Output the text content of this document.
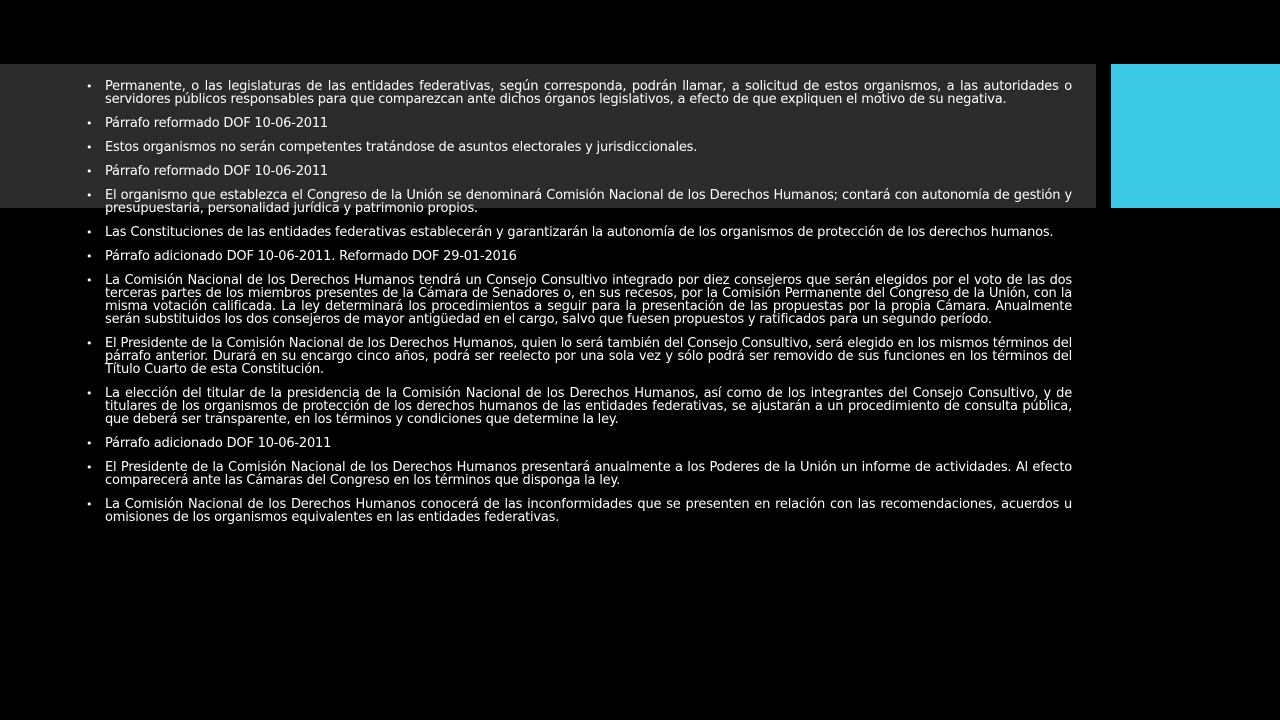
• Permanente, o las legislaturas de las entidades federativas, según corresponda, podrán llamar, a solicitud de estos organismos, a las autoridades o servidores públicos responsables para que comparezcan ante dichos órganos legislativos, a efecto de que expliquen el motivo de su negativa.
• Párrafo reformado DOF 10-06-2011
• Estos organismos no serán competentes tratándose de asuntos electorales y jurisdiccionales.
• Párrafo reformado DOF 10-06-2011
• El organismo que establezca el Congreso de la Unión se denominará Comisión Nacional de los Derechos Humanos; contará con autonomía de gestión y presupuestaria, personalidad jurídica y patrimonio propios.
• Las Constituciones de las entidades federativas establecerán y garantizarán la autonomía de los organismos de protección de los derechos humanos.
• Párrafo adicionado DOF 10-06-2011. Reformado DOF 29-01-2016
• La Comisión Nacional de los Derechos Humanos tendrá un Consejo Consultivo integrado por diez consejeros que serán elegidos por el voto de las dos terceras partes de los miembros presentes de la Cámara de Senadores o, en sus recesos, por la Comisión Permanente del Congreso de la Unión, con la misma votación calificada. La ley determinará los procedimientos a seguir para la presentación de las propuestas por la propia Cámara. Anualmente serán substituidos los dos consejeros de mayor antigüedad en el cargo, salvo que fuesen propuestos y ratificados para un segundo período.
• El Presidente de la Comisión Nacional de los Derechos Humanos, quien lo será también del Consejo Consultivo, será elegido en los mismos términos del párrafo anterior. Durará en su encargo cinco años, podrá ser reelecto por una sola vez y sólo podrá ser removido de sus funciones en los términos del Título Cuarto de esta Constitución.
• La elección del titular de la presidencia de la Comisión Nacional de los Derechos Humanos, así como de los integrantes del Consejo Consultivo, y de titulares de los organismos de protección de los derechos humanos de las entidades federativas, se ajustarán a un procedimiento de consulta pública, que deberá ser transparente, en los términos y condiciones que determine la ley.
• Párrafo adicionado DOF 10-06-2011
• El Presidente de la Comisión Nacional de los Derechos Humanos presentará anualmente a los Poderes de la Unión un informe de actividades. Al efecto comparecerá ante las Cámaras del Congreso en los términos que disponga la ley.
• La Comisión Nacional de los Derechos Humanos conocerá de las inconformidades que se presenten en relación con las recomendaciones, acuerdos u omisiones de los organismos equivalentes en las entidades federativas.
